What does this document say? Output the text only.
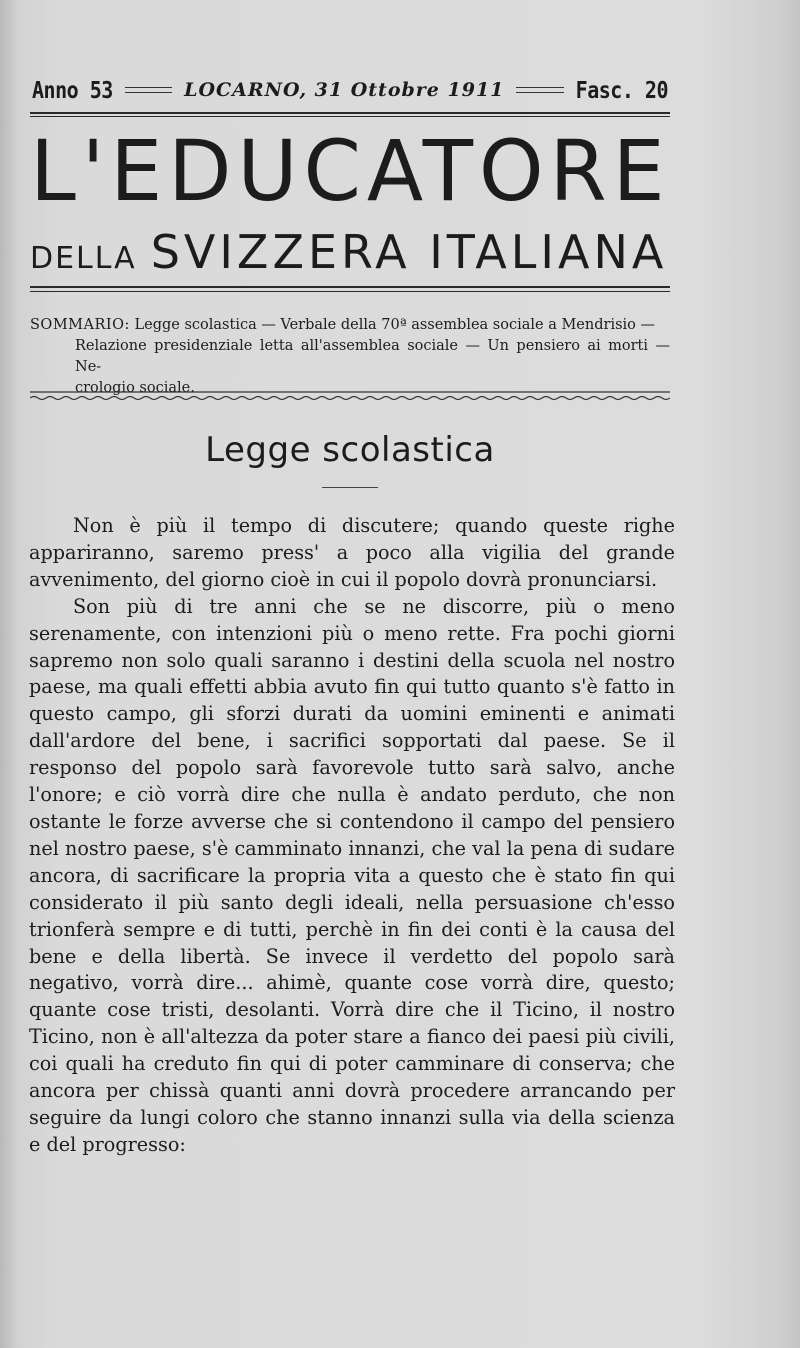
Anno 53	LOCARNO, 31 Ottobre 1911	Fasc. 20
L'EDUCATORE
DELLA SVIZZERA ITALIANA
SOMMARIO: Legge scolastica — Verbale della 70ª assemblea sociale a Mendrisio —
Relazione presidenziale letta all'assemblea sociale — Un pensiero ai morti — Ne-
crologio sociale.
Legge scolastica

Non è più il tempo di discutere; quando queste righe appariranno, saremo press' a poco alla vigilia del grande avvenimento, del giorno cioè in cui il popolo dovrà pronunciarsi.

Son più di tre anni che se ne discorre, più o meno serenamente, con intenzioni più o meno rette. Fra pochi giorni sapremo non solo quali saranno i destini della scuola nel nostro paese, ma quali effetti abbia avuto fin qui tutto quanto s'è fatto in questo campo, gli sforzi durati da uomini eminenti e animati dall'ardore del bene, i sacrifici sopportati dal paese. Se il responso del popolo sarà favorevole tutto sarà salvo, anche l'onore; e ciò vorrà dire che nulla è andato perduto, che non ostante le forze avverse che si contendono il campo del pensiero nel nostro paese, s'è camminato innanzi, che val la pena di sudare ancora, di sacrificare la propria vita a questo che è stato fin qui considerato il più santo degli ideali, nella persuasione ch'esso trionferà sempre e di tutti, perchè in fin dei conti è la causa del bene e della libertà. Se invece il verdetto del popolo sarà negativo, vorrà dire... ahimè, quante cose vorrà dire, questo; quante cose tristi, desolanti. Vorrà dire che il Ticino, il nostro Ticino, non è all'altezza da poter stare a fianco dei paesi più civili, coi quali ha creduto fin qui di poter camminare di conserva; che ancora per chissà quanti anni dovrà procedere arrancando per seguire da lungi coloro che stanno innanzi sulla via della scienza e del progresso:
